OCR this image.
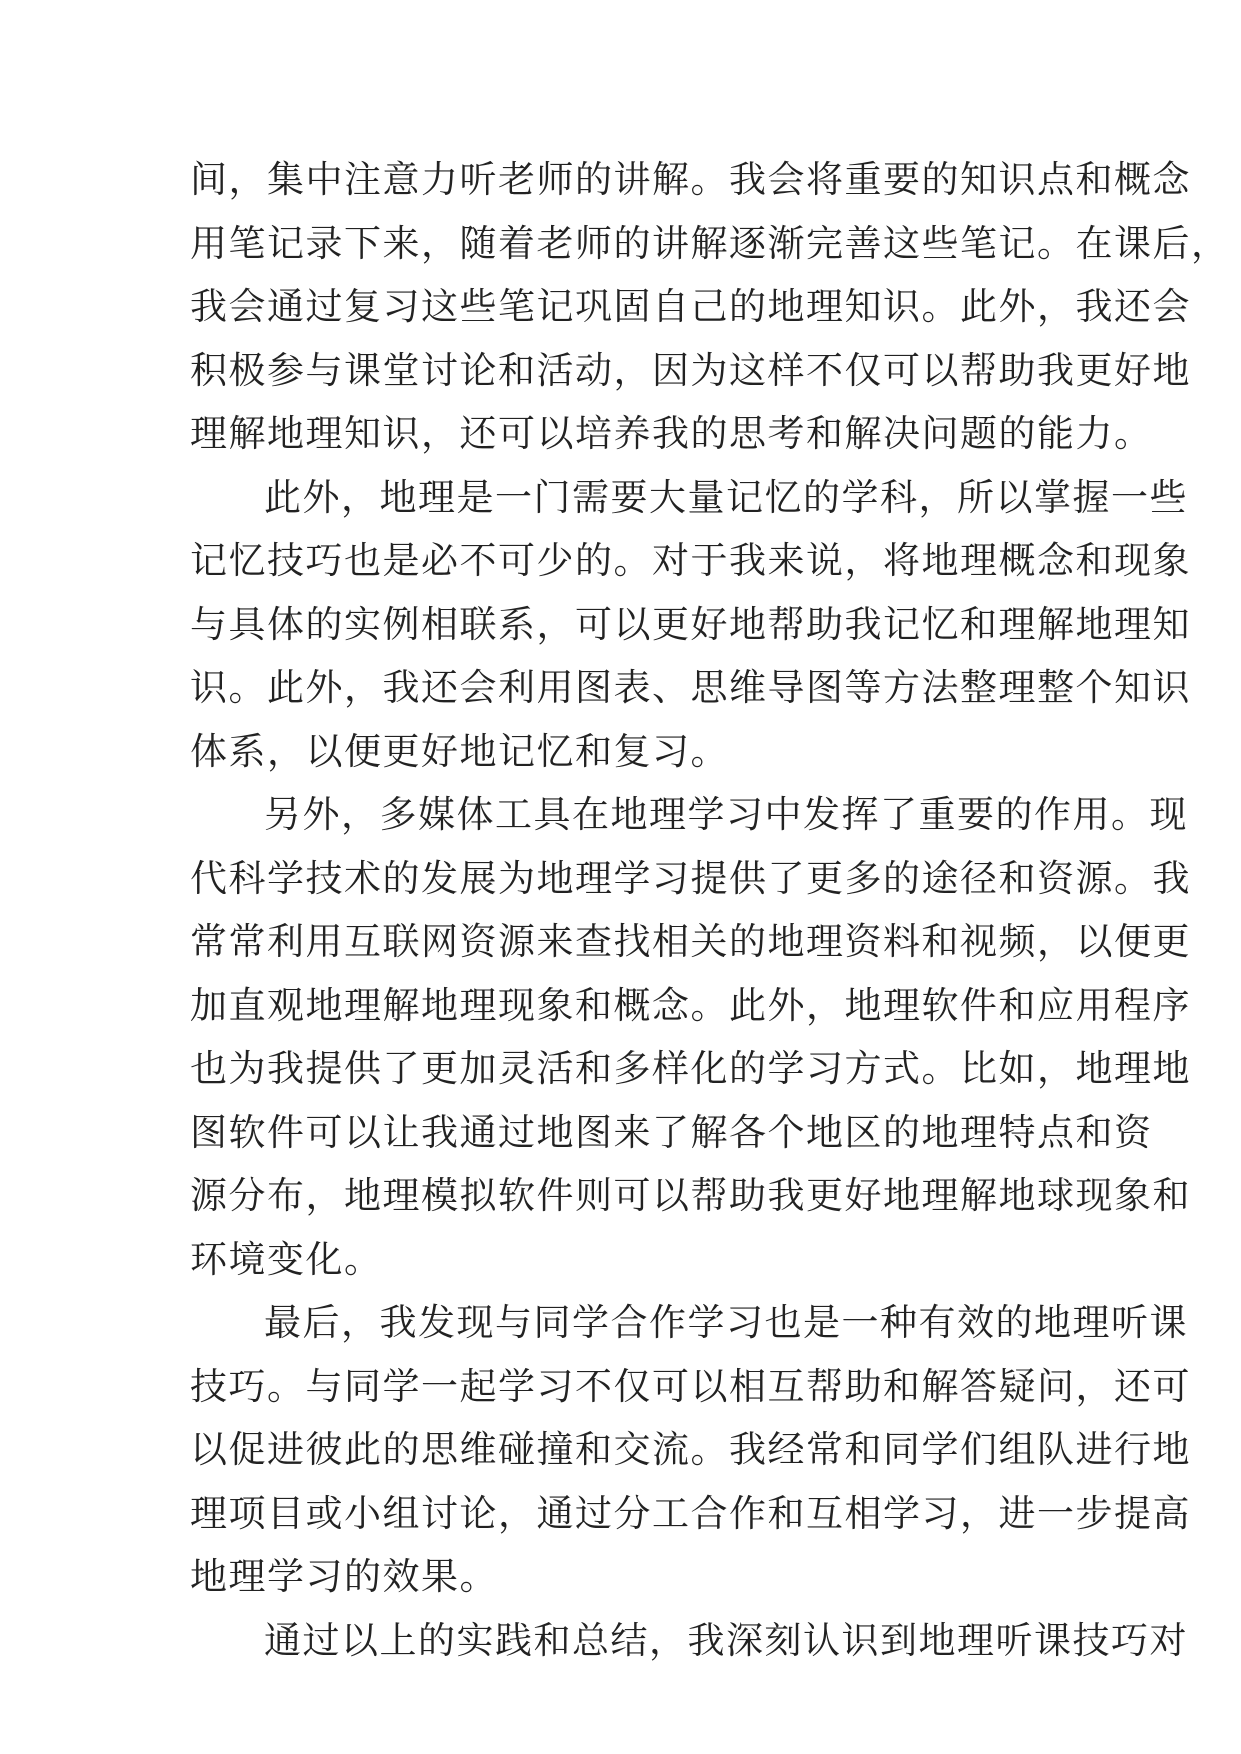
间，集中注意力听老师的讲解。我会将重要的知识点和概念
用笔记录下来，随着老师的讲解逐渐完善这些笔记。在课后，
我会通过复习这些笔记巩固自己的地理知识。此外，我还会
积极参与课堂讨论和活动，因为这样不仅可以帮助我更好地
理解地理知识，还可以培养我的思考和解决问题的能力。
此外，地理是一门需要大量记忆的学科，所以掌握一些
记忆技巧也是必不可少的。对于我来说，将地理概念和现象
与具体的实例相联系，可以更好地帮助我记忆和理解地理知
识。此外，我还会利用图表、思维导图等方法整理整个知识
体系，以便更好地记忆和复习。
另外，多媒体工具在地理学习中发挥了重要的作用。现
代科学技术的发展为地理学习提供了更多的途径和资源。我
常常利用互联网资源来查找相关的地理资料和视频，以便更
加直观地理解地理现象和概念。此外，地理软件和应用程序
也为我提供了更加灵活和多样化的学习方式。比如，地理地
图软件可以让我通过地图来了解各个地区的地理特点和资
源分布，地理模拟软件则可以帮助我更好地理解地球现象和
环境变化。
最后，我发现与同学合作学习也是一种有效的地理听课
技巧。与同学一起学习不仅可以相互帮助和解答疑问，还可
以促进彼此的思维碰撞和交流。我经常和同学们组队进行地
理项目或小组讨论，通过分工合作和互相学习，进一步提高
地理学习的效果。
通过以上的实践和总结，我深刻认识到地理听课技巧对
